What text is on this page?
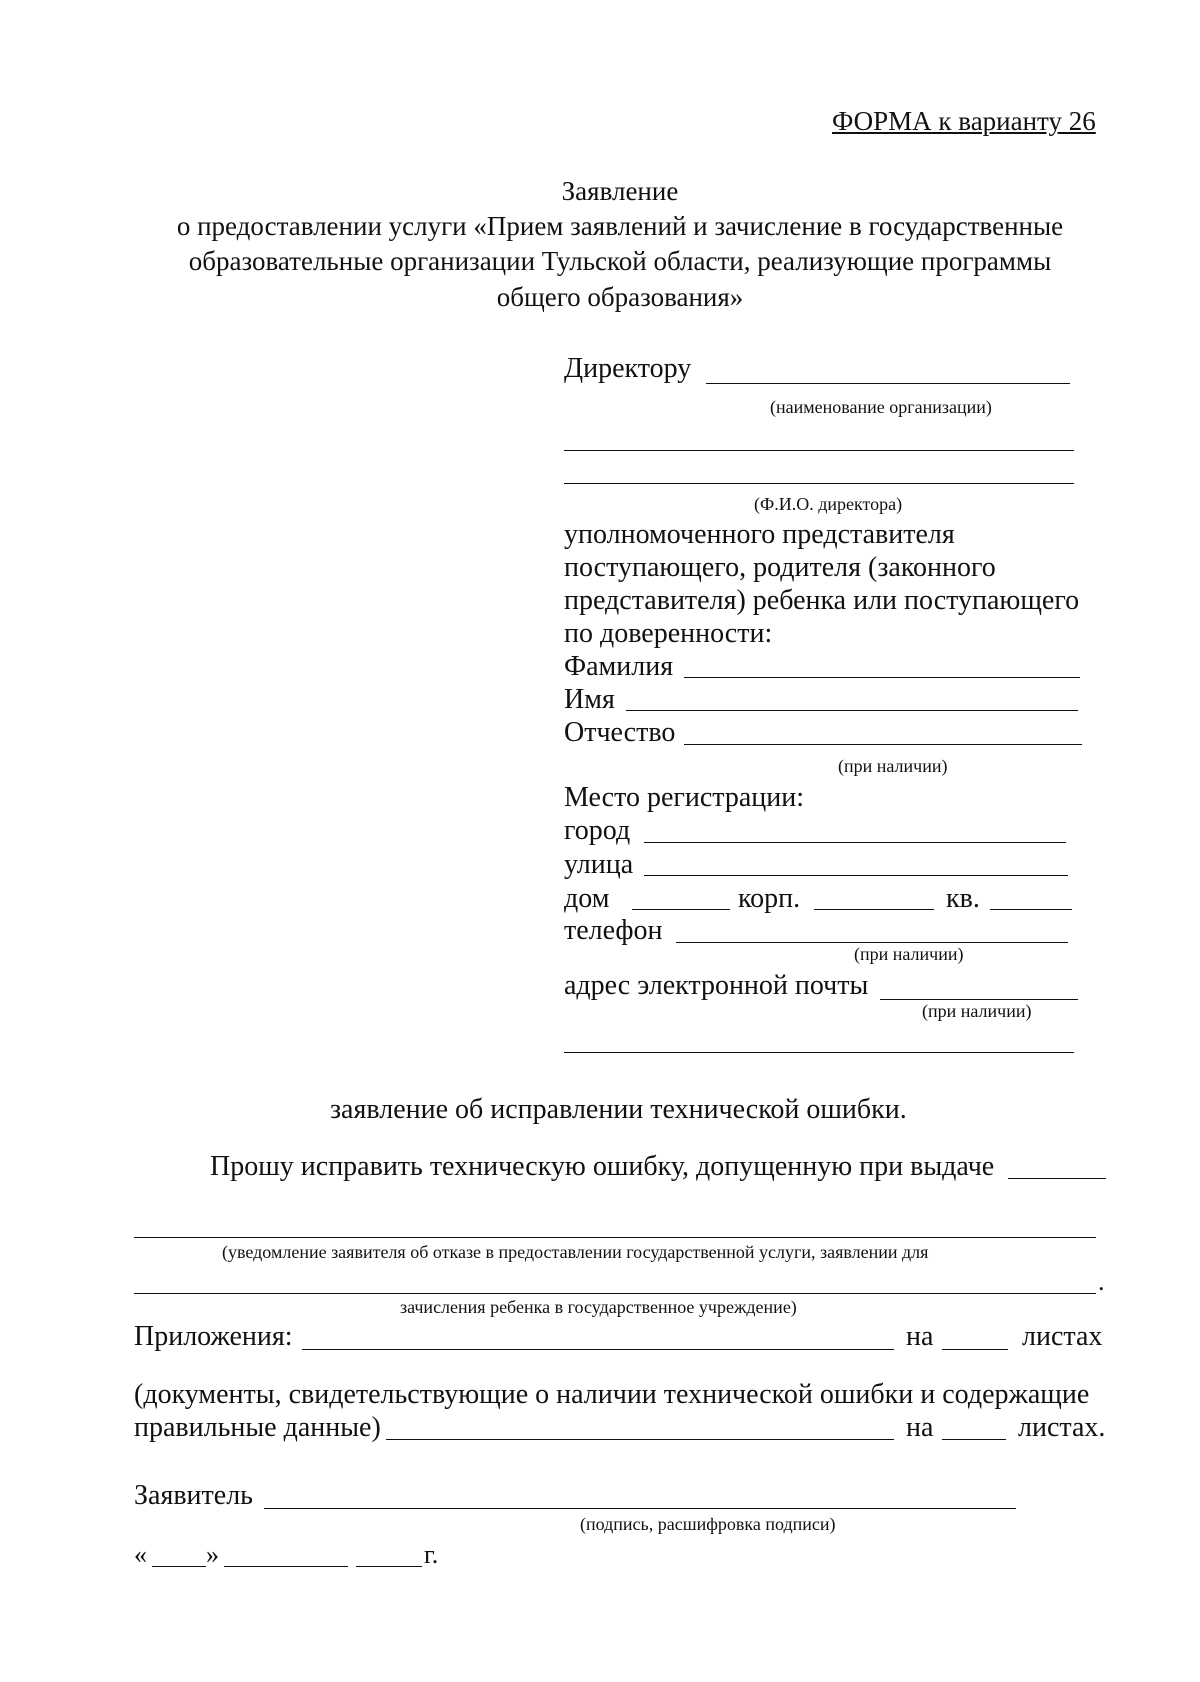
ФОРМА к варианту 26
Заявление
о предоставлении услуги «Прием заявлений и зачисление в государственные
образовательные организации Тульской области, реализующие программы
общего образования»
Директору
(наименование организации)
(Ф.И.О. директора)
уполномоченного представителя
поступающего, родителя (законного
представителя) ребенка или поступающего
по доверенности:
Фамилия
Имя
Отчество
(при наличии)
Место регистрации:
город
улица
дом	корп.	кв.
телефон
(при наличии)
адрес электронной почты
(при наличии)
заявление об исправлении технической ошибки.
Прошу исправить техническую ошибку, допущенную при выдаче
(уведомление заявителя об отказе в предоставлении государственной услуги, заявлении для
.
зачисления ребенка в государственное учреждение)
Приложения:	на	листах
(документы, свидетельствующие о наличии технической ошибки и содержащие
правильные данные)	на	листах.
Заявитель
(подпись, расшифровка подписи)
« »	г.
